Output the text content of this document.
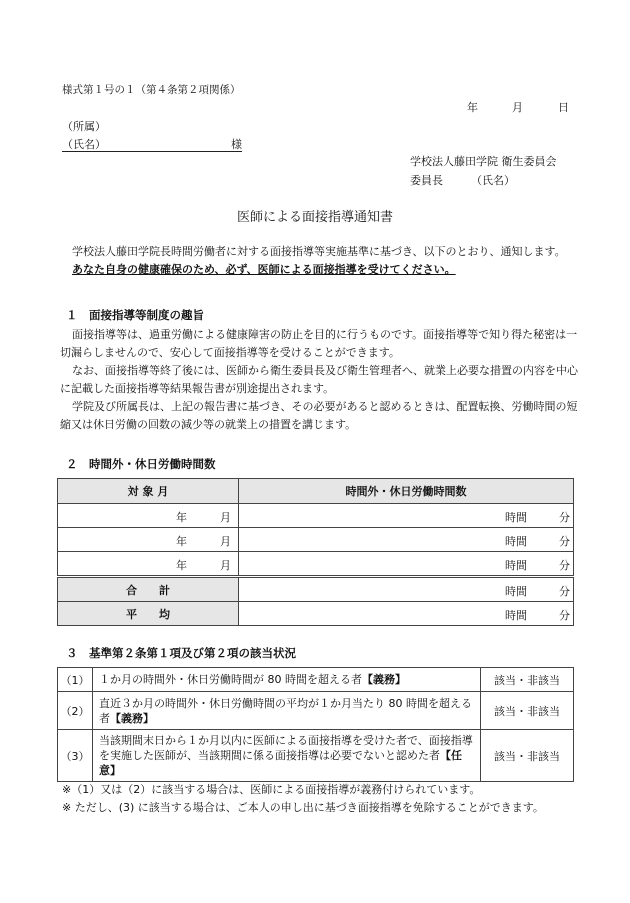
様式第１号の１（第４条第２項関係）
年	月	日
（所属）
（氏名）	様
学校法人藤田学院 衛生委員会
委員長	（氏名）
医師による面接指導通知書
学校法人藤田学院長時間労働者に対する面接指導等実施基準に基づき、以下のとおり、通知します。
あなた自身の健康確保のため、必ず、医師による面接指導を受けてください。
１　面接指導等制度の趣旨
面接指導等は、過重労働による健康障害の防止を目的に行うものです。面接指導等で知り得た秘密は一切漏らしませんので、安心して面接指導等を受けることができます。
なお、面接指導等終了後には、医師から衛生委員長及び衛生管理者へ、就業上必要な措置の内容を中心に記載した面接指導等結果報告書が別途提出されます。
学院及び所属長は、上記の報告書に基づき、その必要があると認めるときは、配置転換、労働時間の短縮又は休日労働の回数の減少等の就業上の措置を講じます。
２　時間外・休日労働時間数
対 象 月	時間外・休日労働時間数

年 月	時間 分

年 月	時間 分

年 月	時間 分

合　　計	時間 分

平　　均	時間 分
３　基準第２条第１項及び第２項の該当状況
（1）	１か月の時間外・休日労働時間が 80 時間を超える者【義務】	該当・非該当
（2）	直近３か月の時間外・休日労働時間の平均が１か月当たり 80 時間を超える者【義務】	該当・非該当
（3）	当該期間末日から１か月以内に医師による面接指導を受けた者で、面接指導を実施した医師が、当該期間に係る面接指導は必要でないと認めた者【任意】	該当・非該当
※（1）又は（2）に該当する場合は、医師による面接指導が義務付けられています。
※ ただし、(3) に該当する場合は、ご本人の申し出に基づき面接指導を免除することができます。
